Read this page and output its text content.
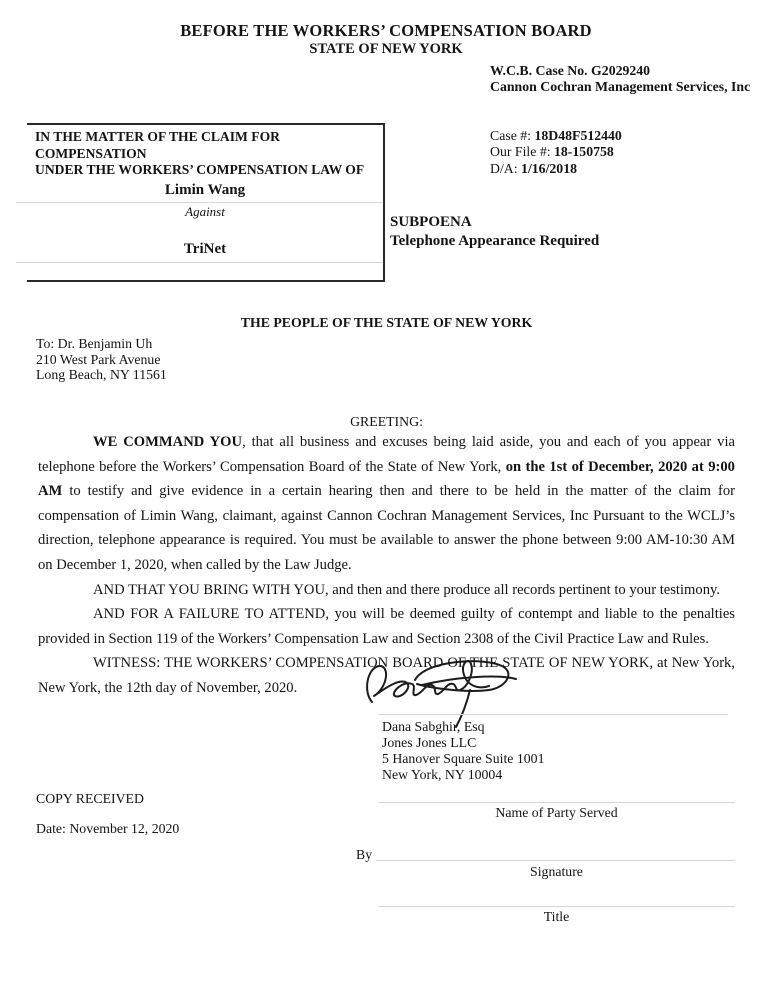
BEFORE THE WORKERS’ COMPENSATION BOARD
STATE OF NEW YORK
W.C.B. Case No. G2029240
Cannon Cochran Management Services, Inc
IN THE MATTER OF THE CLAIM FOR COMPENSATION
UNDER THE WORKERS’ COMPENSATION LAW OF
Limin Wang
Against
TriNet
Case #: 18D48F512440
Our File #: 18-150758
D/A: 1/16/2018
SUBPOENA
Telephone Appearance Required
THE PEOPLE OF THE STATE OF NEW YORK
To: Dr. Benjamin Uh
210 West Park Avenue
Long Beach, NY 11561
GREETING:

WE COMMAND YOU, that all business and excuses being laid aside, you and each of you appear via telephone before the Workers’ Compensation Board of the State of New York, on the 1st of December, 2020 at 9:00 AM to testify and give evidence in a certain hearing then and there to be held in the matter of the claim for compensation of Limin Wang, claimant, against Cannon Cochran Management Services, Inc Pursuant to the WCLJ’s direction, telephone appearance is required. You must be available to answer the phone between 9:00 AM-10:30 AM on December 1, 2020, when called by the Law Judge.

AND THAT YOU BRING WITH YOU, and then and there produce all records pertinent to your testimony.

AND FOR A FAILURE TO ATTEND, you will be deemed guilty of contempt and liable to the penalties provided in Section 119 of the Workers’ Compensation Law and Section 2308 of the Civil Practice Law and Rules.

WITNESS: THE WORKERS’ COMPENSATION BOARD OF THE STATE OF NEW YORK, at New York, New York, the 12th day of November, 2020.

Dana Sabghir, Esq
Jones Jones LLC
5 Hanover Square Suite 1001
New York, NY 10004
COPY RECEIVED
Date: November 12, 2020
Name of Party Served
By
Signature
Title
